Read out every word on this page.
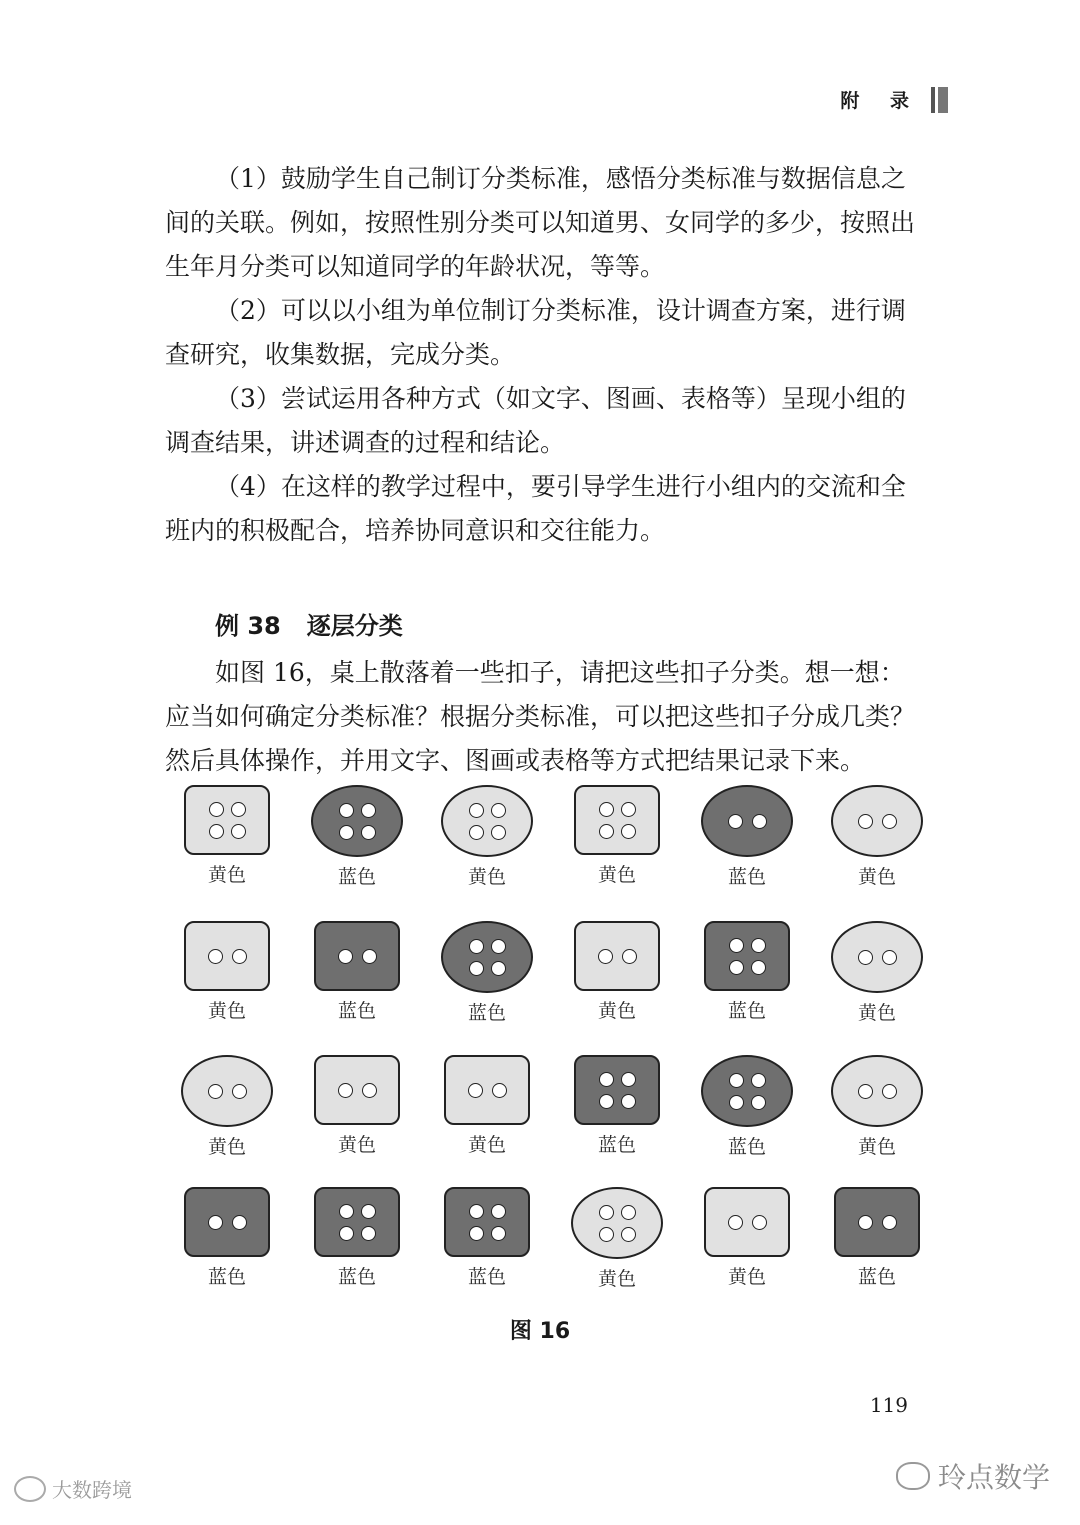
附 录

（1）鼓励学生自己制订分类标准，感悟分类标准与数据信息之间的关联。例如，按照性别分类可以知道男、女同学的多少，按照出生年月分类可以知道同学的年龄状况，等等。

（2）可以以小组为单位制订分类标准，设计调查方案，进行调查研究，收集数据，完成分类。

（3）尝试运用各种方式（如文字、图画、表格等）呈现小组的调查结果，讲述调查的过程和结论。

（4）在这样的教学过程中，要引导学生进行小组内的交流和全班内的积极配合，培养协同意识和交往能力。

例 38 逐层分类

如图 16，桌上散落着一些扣子，请把这些扣子分类。想一想：应当如何确定分类标准？根据分类标准，可以把这些扣子分成几类？然后具体操作，并用文字、图画或表格等方式把结果记录下来。

黄色	蓝色	黄色	黄色	蓝色	黄色
黄色	蓝色	蓝色	黄色	蓝色	黄色
黄色	黄色	黄色	蓝色	蓝色	黄色
蓝色	蓝色	蓝色	黄色	黄色	蓝色
图 16
119
大数跨境	玲点数学
